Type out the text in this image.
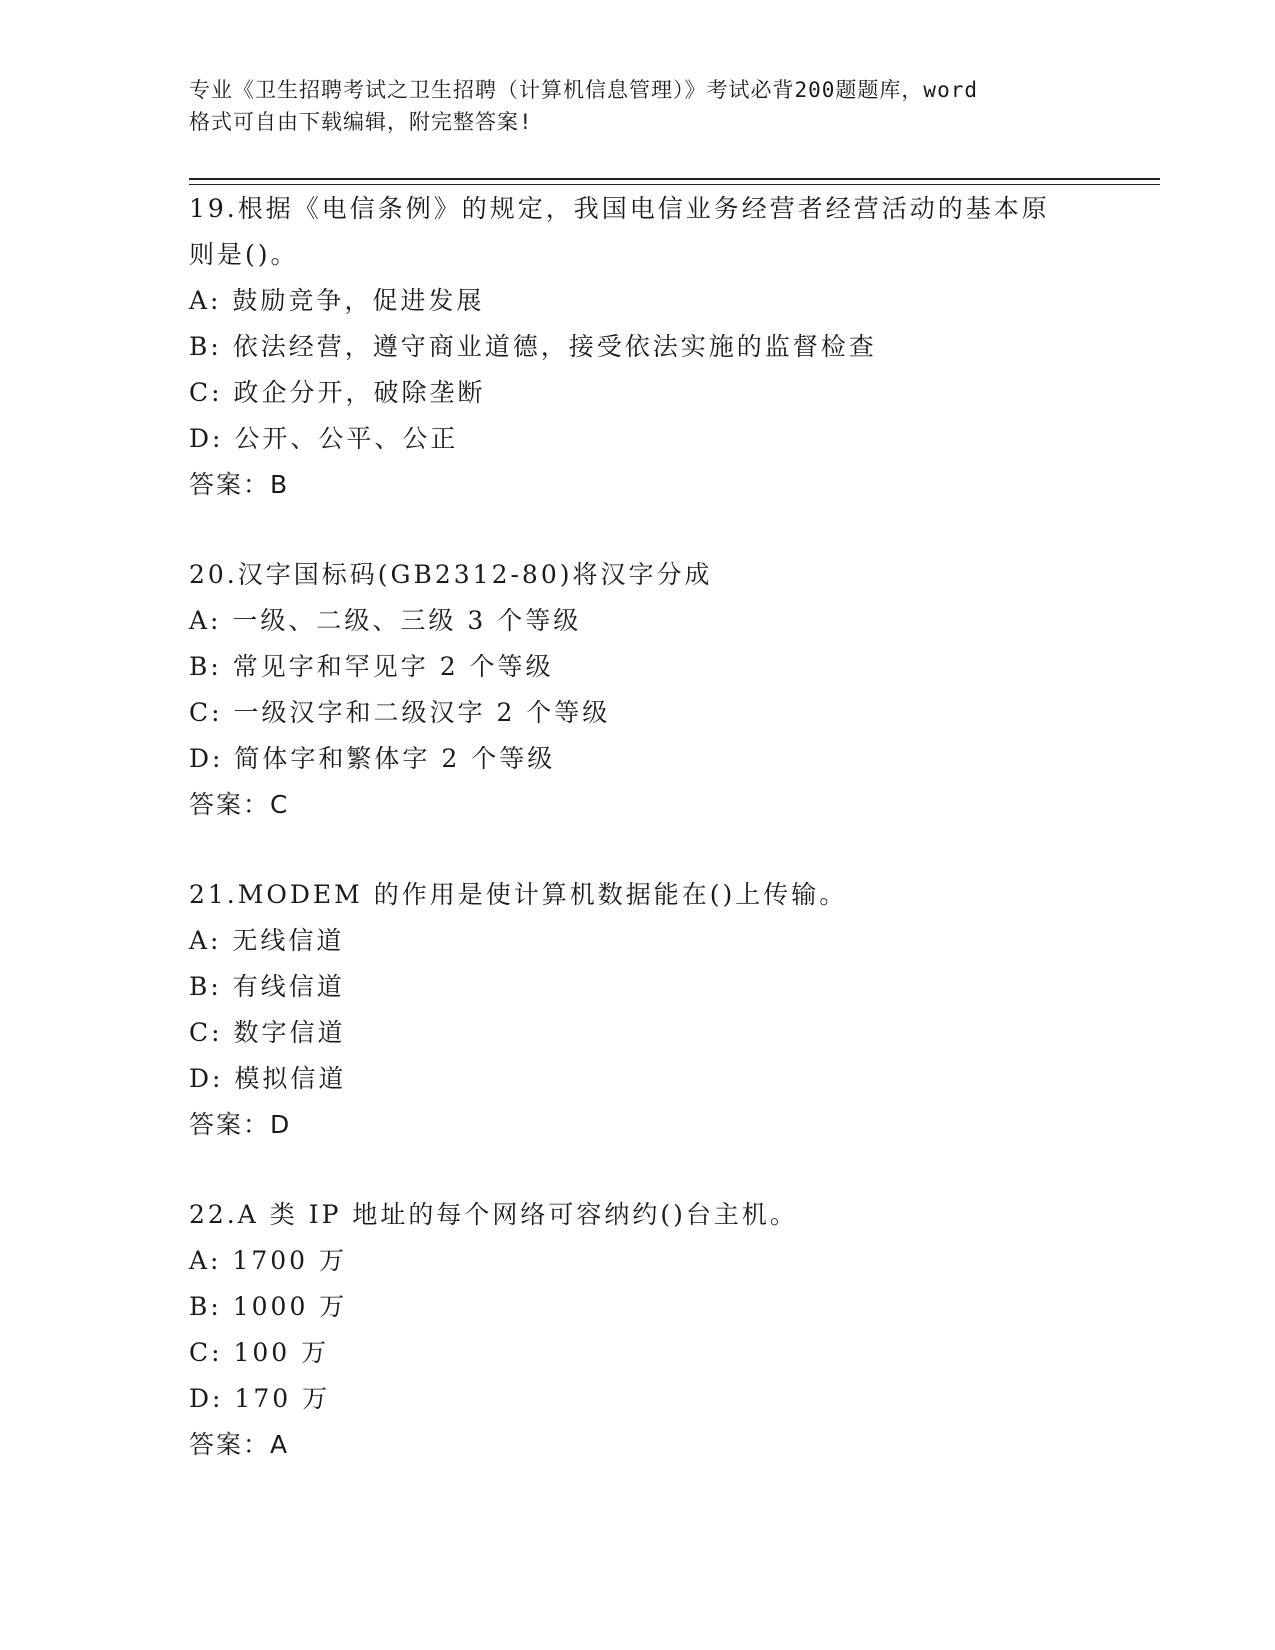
专业《卫生招聘考试之卫生招聘（计算机信息管理）》考试必背200题题库，word
格式可自由下载编辑，附完整答案!
19.根据《电信条例》的规定，我国电信业务经营者经营活动的基本原
则是()。
A: 鼓励竞争，促进发展
B: 依法经营，遵守商业道德，接受依法实施的监督检查
C: 政企分开，破除垄断
D: 公开、公平、公正
答案：B
20.汉字国标码(GB2312-80)将汉字分成
A: 一级、二级、三级 3 个等级
B: 常见字和罕见字 2 个等级
C: 一级汉字和二级汉字 2 个等级
D: 简体字和繁体字 2 个等级
答案：C
21.MODEM 的作用是使计算机数据能在()上传输。
A: 无线信道
B: 有线信道
C: 数字信道
D: 模拟信道
答案：D
22.A 类 IP 地址的每个网络可容纳约()台主机。
A: 1700 万
B: 1000 万
C: 100 万
D: 170 万
答案：A
